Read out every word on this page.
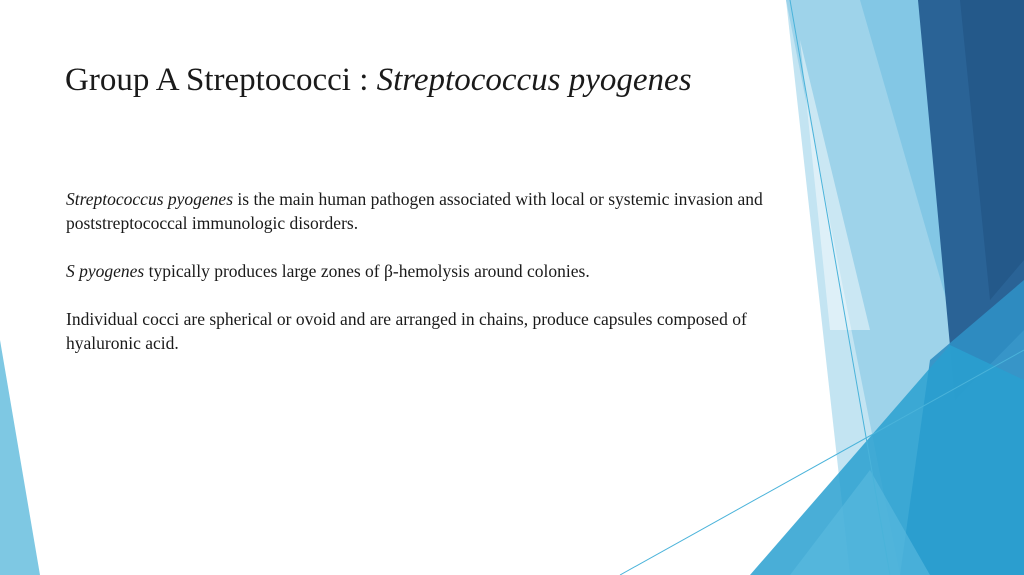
Group A Streptococci : Streptococcus pyogenes

Streptococcus pyogenes is the main human pathogen associated with local or systemic invasion and poststreptococcal immunologic disorders.

S pyogenes typically produces large zones of β-hemolysis around colonies.

Individual cocci are spherical or ovoid and are arranged in chains, produce capsules composed of hyaluronic acid.
